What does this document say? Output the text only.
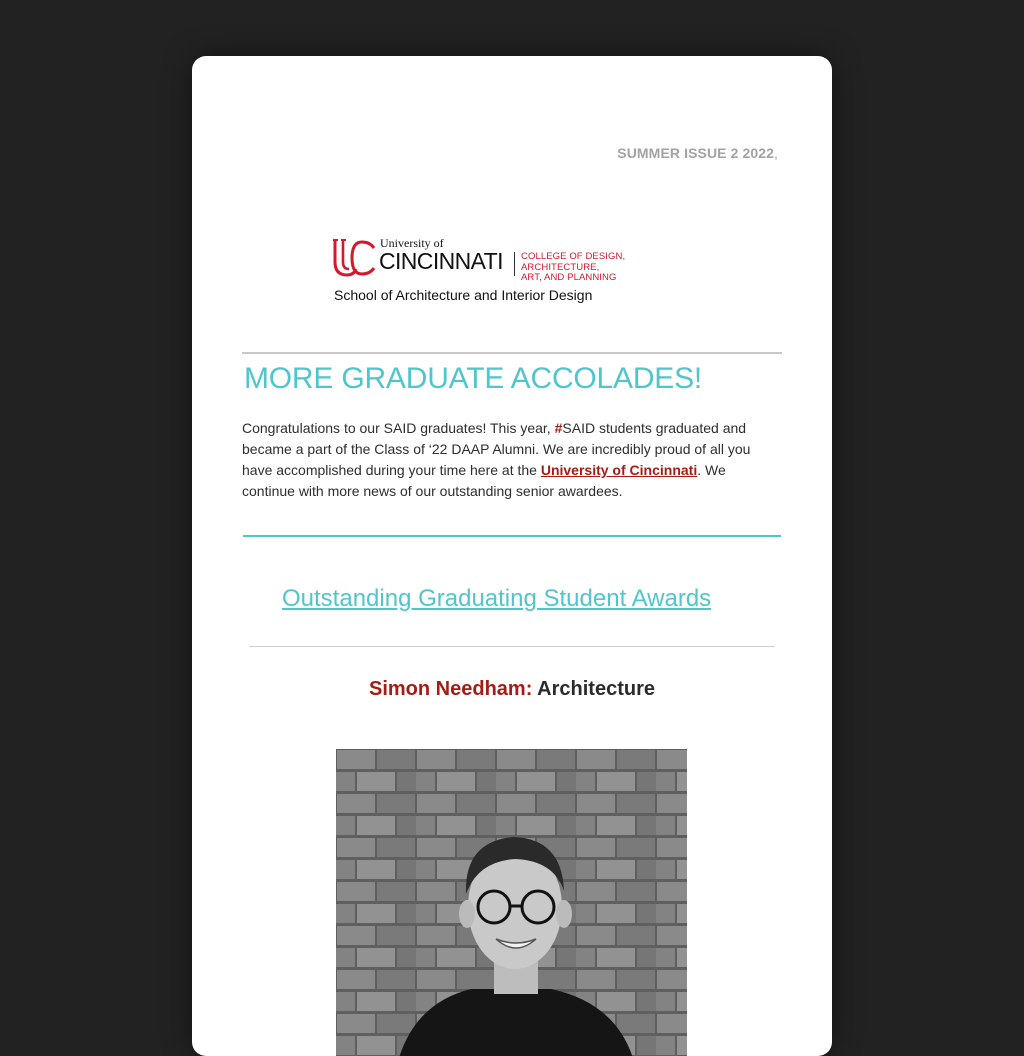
SUMMER ISSUE 2 2022,
University of
CINCINNATI COLLEGE OF DESIGN, ARCHITECTURE,
ART, AND PLANNING
School of Architecture and Interior Design
MORE GRADUATE ACCOLADES!

Congratulations to our SAID graduates! This year, #SAID students graduated and became a part of the Class of ‘22 DAAP Alumni. We are incredibly proud of all you have accomplished during your time here at the University of Cincinnati. We continue with more news of our outstanding senior awardees.

Outstanding Graduating Student Awards
Simon Needham: Architecture
